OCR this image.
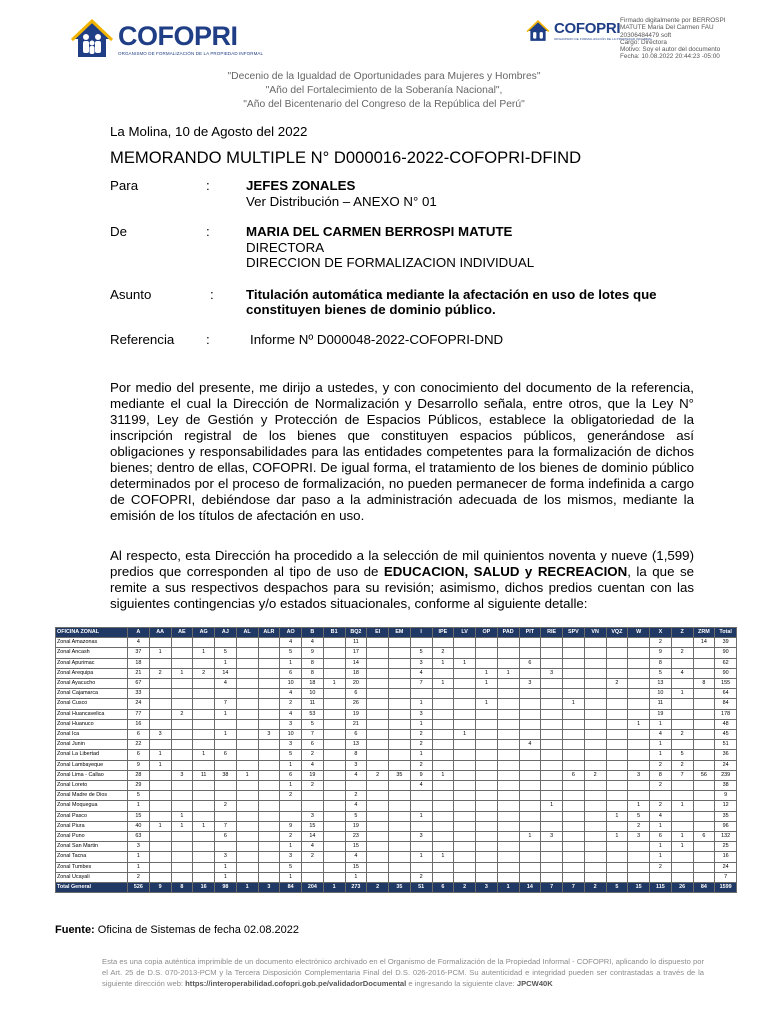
COFOPRI
ORGANISMO DE FORMALIZACIÓN DE LA PROPIEDAD INFORMAL
COFOPRI
ORGANISMO DE FORMALIZACIÓN DE LA PROPIEDAD INFORMAL
Firmado digitalmente por BERROSPI
MATUTE Maria Del Carmen FAU
20306484479 soft
Cargo: Directora
Motivo: Soy el autor del documento
Fecha: 10.08.2022 20:44:23 -05:00
"Decenio de la Igualdad de Oportunidades para Mujeres y Hombres"
"Año del Fortalecimiento de la Soberanía Nacional",
"Año del Bicentenario del Congreso de la República del Perú"
La Molina, 10 de Agosto del 2022
MEMORANDO MULTIPLE N° D000016-2022-COFOPRI-DFIND
Para	:	JEFES ZONALES
Ver Distribución – ANEXO N° 01
De	:	MARIA DEL CARMEN BERROSPI MATUTE
DIRECTORA
DIRECCION DE FORMALIZACION INDIVIDUAL
Asunto	: Titulación automática mediante la afectación en uso de lotes que
constituyen bienes de dominio público.
Referencia	:	Informe Nº D000048-2022-COFOPRI-DND
Por medio del presente, me dirijo a ustedes, y con conocimiento del documento de la referencia, mediante el cual la Dirección de Normalización y Desarrollo señala, entre otros, que la Ley N° 31199, Ley de Gestión y Protección de Espacios Públicos, establece la obligatoriedad de la inscripción registral de los bienes que constituyen espacios públicos, generándose así obligaciones y responsabilidades para las entidades competentes para la formalización de dichos bienes; dentro de ellas, COFOPRI. De igual forma, el tratamiento de los bienes de dominio público determinados por el proceso de formalización, no pueden permanecer de forma indefinida a cargo de COFOPRI, debiéndose dar paso a la administración adecuada de los mismos, mediante la emisión de los títulos de afectación en uso.
Al respecto, esta Dirección ha procedido a la selección de mil quinientos noventa y nueve (1,599) predios que corresponden al tipo de uso de EDUCACION, SALUD y RECREACION, la que se remite a sus respectivos despachos para su revisión; asimismo, dichos predios cuentan con las siguientes contingencias y/o estados situacionales, conforme al siguiente detalle:
OFICINA ZONAL	A	AA	AE	AG	AJ	AL	ALR	AO	B	B1	BQ2	EI	EM	I	IPE	LV	OP	PAD	PIT	RIE	SPV	VN	VQZ	W	X	Z	ZRM	Total
Zonal Amazonas	4							4	4		11														2		14	39
Zonal Ancash	37	1		1	5			5	9		17			5	2										9	2		90
Zonal Apurimac	18				1			1	8		14			3	1	1			6						8			62
Zonal Arequipa	21	2	1	2	14			6	8		18			4			1	1		3					5	4		90
Zonal Ayacucho	67				4			10	18	1	20			7	1		1		3				2		13		8	155
Zonal Cajamarca	33							4	10		6														10	1		64
Zonal Cusco	24				7			2	11		26			1			1				1				11			84
Zonal Huancavelica	77		2		1			4	53		19			3											19			178
Zonal Huanuco	16							3	5		21			1										1	1			48
Zonal Ica	6	3			1		3	10	7		6			2		1									4	2		45
Zonal Junin	22							3	6		13			2					4						1			51
Zonal La Libertad	6	1		1	6			5	2		8			1											1	5		36
Zonal Lambayeque	9	1						1	4		3			2											2	2		24
Zonal Lima - Callao	28		3	11	38	1		6	19		4	2	35	9	1						6	2		3	8	7	56	239
Zonal Loreto	29							1	2					4											2			38
Zonal Madre de Dios	5							2			2																	9
Zonal Moquegua	1				2						4									1				1	2	1		12
Zonal Pasco	15		1						3		5			1									1	5	4			35
Zonal Piura	40	1	1	1	7			9	15		19													2	1			96
Zonal Puno	63				6			2	14		23			3					1	3			1	3	6	1	6	132
Zonal San Martin	3							1	4		15														1	1		25
Zonal Tacna	1				3			3	2		4			1	1										1			16
Zonal Tumbes	1				1			5			15														2			24
Zonal Ucayali	2				1			1			1			2														7
Total General	526	9	8	16	98	1	3	84	204	1	273	2	35	51	6	2	3	1	14	7	7	2	5	15	115	26	84	1599
Fuente: Oficina de Sistemas de fecha 02.08.2022
Esta es una copia auténtica imprimible de un documento electrónico archivado en el Organismo de Formalización de la Propiedad Informal - COFOPRI, aplicando lo dispuesto por el Art. 25 de D.S. 070-2013-PCM y la Tercera Disposición Complementaria Final del D.S. 026-2016-PCM. Su autenticidad e integridad pueden ser contrastadas a través de la siguiente dirección web: https://interoperabilidad.cofopri.gob.pe/validadorDocumental e ingresando la siguiente clave: JPCW40K
